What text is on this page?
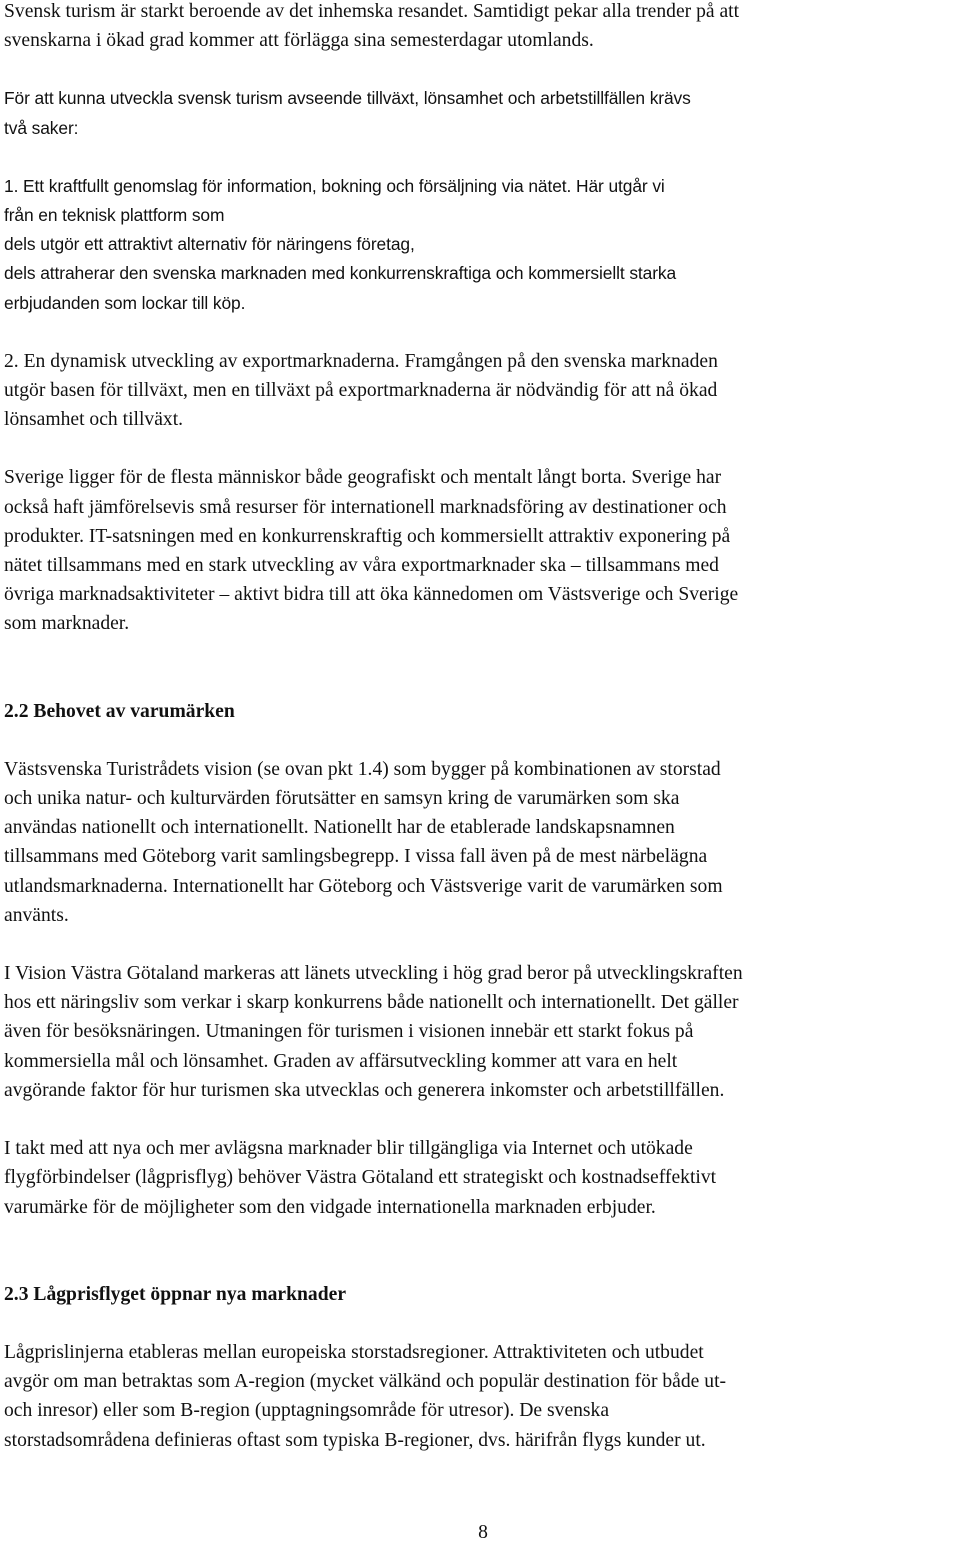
Svensk turism är starkt beroende av det inhemska resandet. Samtidigt pekar alla trender på att
svenskarna i ökad grad kommer att förlägga sina semesterdagar utomlands.

För att kunna utveckla svensk turism avseende tillväxt, lönsamhet och arbetstillfällen krävs
två saker:

1. Ett kraftfullt genomslag för information, bokning och försäljning via nätet. Här utgår vi
från en teknisk plattform som
dels utgör ett attraktivt alternativ för näringens företag,
dels attraherar den svenska marknaden med konkurrenskraftiga och kommersiellt starka
erbjudanden som lockar till köp.

2. En dynamisk utveckling av exportmarknaderna. Framgången på den svenska marknaden
utgör basen för tillväxt, men en tillväxt på exportmarknaderna är nödvändig för att nå ökad
lönsamhet och tillväxt.

Sverige ligger för de flesta människor både geografiskt och mentalt långt borta. Sverige har
också haft jämförelsevis små resurser för internationell marknadsföring av destinationer och
produkter. IT-satsningen med en konkurrenskraftig och kommersiellt attraktiv exponering på
nätet tillsammans med en stark utveckling av våra exportmarknader ska – tillsammans med
övriga marknadsaktiviteter – aktivt bidra till att öka kännedomen om Västsverige och Sverige
som marknader.

2.2 Behovet av varumärken

Västsvenska Turistrådets vision (se ovan pkt 1.4) som bygger på kombinationen av storstad
och unika natur- och kulturvärden förutsätter en samsyn kring de varumärken som ska
användas nationellt och internationellt. Nationellt har de etablerade landskapsnamnen
tillsammans med Göteborg varit samlingsbegrepp. I vissa fall även på de mest närbelägna
utlandsmarknaderna. Internationellt har Göteborg och Västsverige varit de varumärken som
använts.

I Vision Västra Götaland markeras att länets utveckling i hög grad beror på utvecklingskraften
hos ett näringsliv som verkar i skarp konkurrens både nationellt och internationellt. Det gäller
även för besöksnäringen. Utmaningen för turismen i visionen innebär ett starkt fokus på
kommersiella mål och lönsamhet. Graden av affärsutveckling kommer att vara en helt
avgörande faktor för hur turismen ska utvecklas och generera inkomster och arbetstillfällen.

I takt med att nya och mer avlägsna marknader blir tillgängliga via Internet och utökade
flygförbindelser (lågprisflyg) behöver Västra Götaland ett strategiskt och kostnadseffektivt
varumärke för de möjligheter som den vidgade internationella marknaden erbjuder.

2.3 Lågprisflyget öppnar nya marknader

Lågprislinjerna etableras mellan europeiska storstadsregioner. Attraktiviteten och utbudet
avgör om man betraktas som A-region (mycket välkänd och populär destination för både ut-
och inresor) eller som B-region (upptagningsområde för utresor). De svenska
storstadsområdena definieras oftast som typiska B-regioner, dvs. härifrån flygs kunder ut.

8
